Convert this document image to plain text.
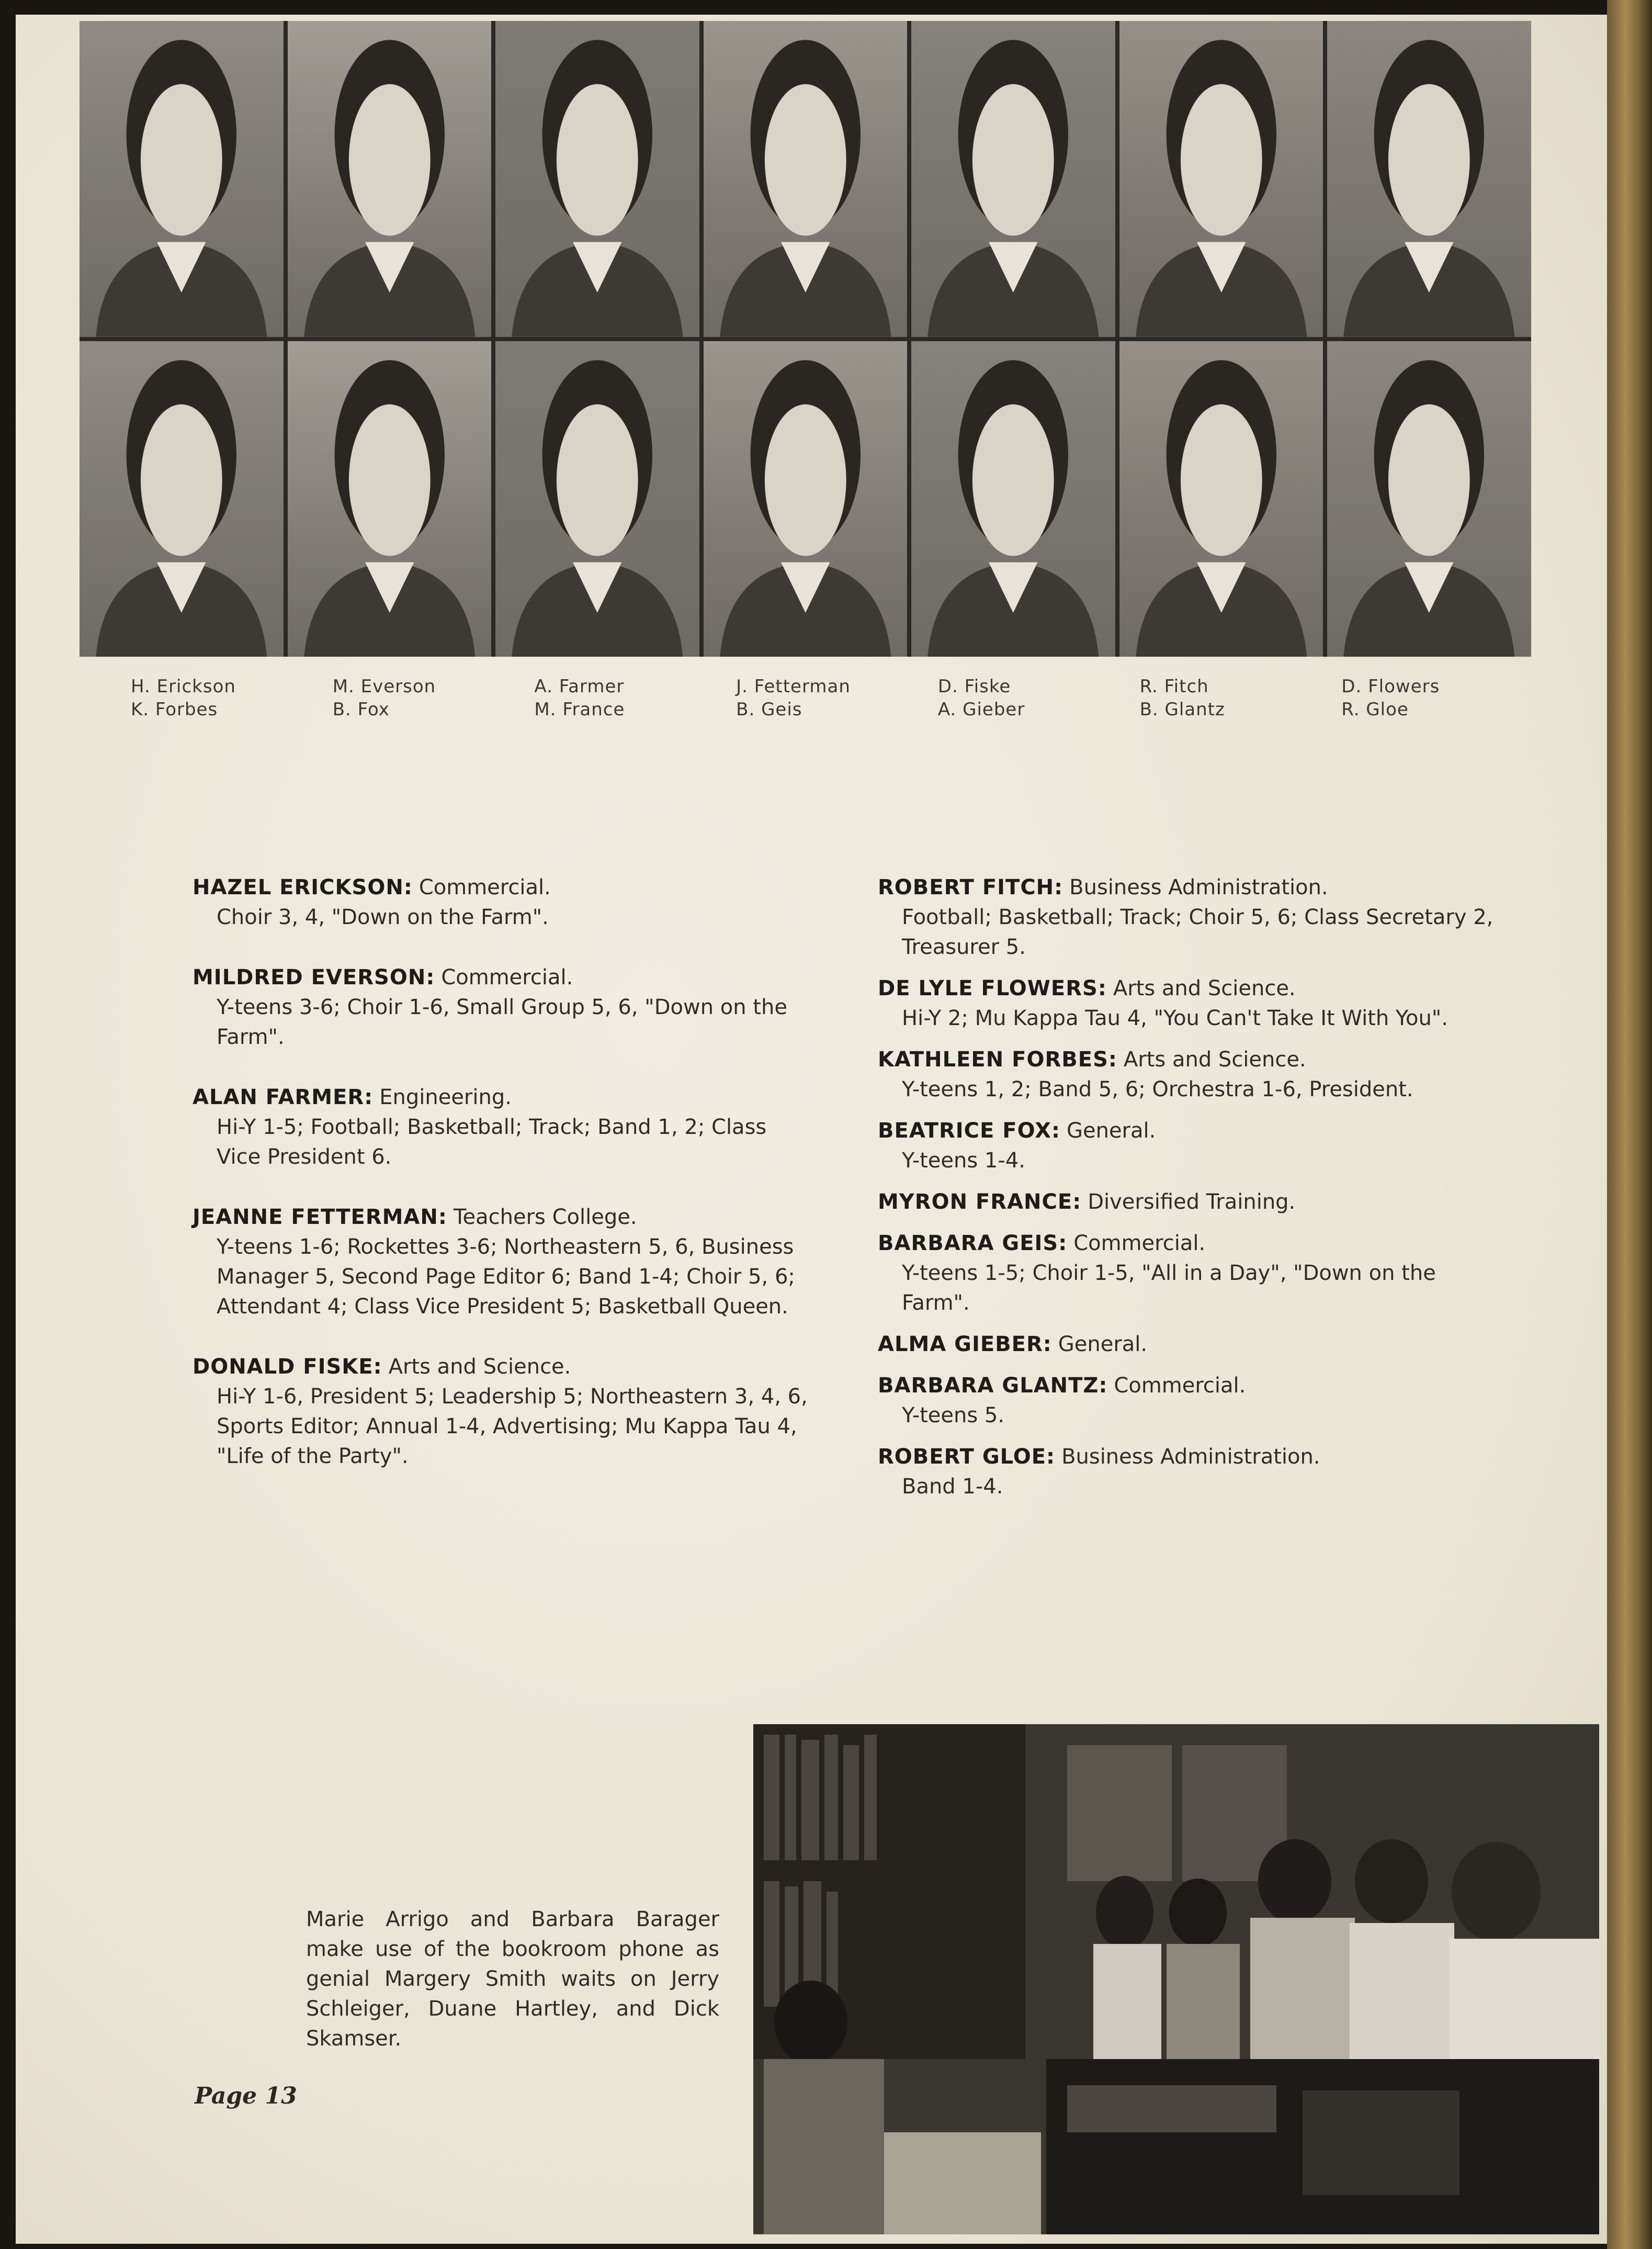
H. Erickson
K. Forbes
M. Everson
B. Fox
A. Farmer
M. France
J. Fetterman
B. Geis
D. Fiske
A. Gieber
R. Fitch
B. Glantz
D. Flowers
R. Gloe
HAZEL ERICKSON: Commercial.
Choir 3, 4, "Down on the Farm".
MILDRED EVERSON: Commercial.
Y-teens 3-6; Choir 1-6, Small Group 5, 6, "Down on the Farm".
ALAN FARMER: Engineering.
Hi-Y 1-5; Football; Basketball; Track; Band 1, 2; Class Vice President 6.
JEANNE FETTERMAN: Teachers College.
Y-teens 1-6; Rockettes 3-6; Northeastern 5, 6, Business Manager 5, Second Page Editor 6; Band 1-4; Choir 5, 6; Attendant 4; Class Vice President 5; Basketball Queen.
DONALD FISKE: Arts and Science.
Hi-Y 1-6, President 5; Leadership 5; Northeastern 3, 4, 6, Sports Editor; Annual 1-4, Advertising; Mu Kappa Tau 4, "Life of the Party".
ROBERT FITCH: Business Administration.
Football; Basketball; Track; Choir 5, 6; Class Secretary 2, Treasurer 5.
DE LYLE FLOWERS: Arts and Science.
Hi-Y 2; Mu Kappa Tau 4, "You Can't Take It With You".
KATHLEEN FORBES: Arts and Science.
Y-teens 1, 2; Band 5, 6; Orchestra 1-6, President.
BEATRICE FOX: General.
Y-teens 1-4.
MYRON FRANCE: Diversified Training.
BARBARA GEIS: Commercial.
Y-teens 1-5; Choir 1-5, "All in a Day", "Down on the Farm".
ALMA GIEBER: General.
BARBARA GLANTZ: Commercial.
Y-teens 5.
ROBERT GLOE: Business Administration.
Band 1-4.
Marie Arrigo and Barbara Barager make use of the bookroom phone as genial Margery Smith waits on Jerry Schleiger, Duane Hartley, and Dick Skamser.
Page 13
